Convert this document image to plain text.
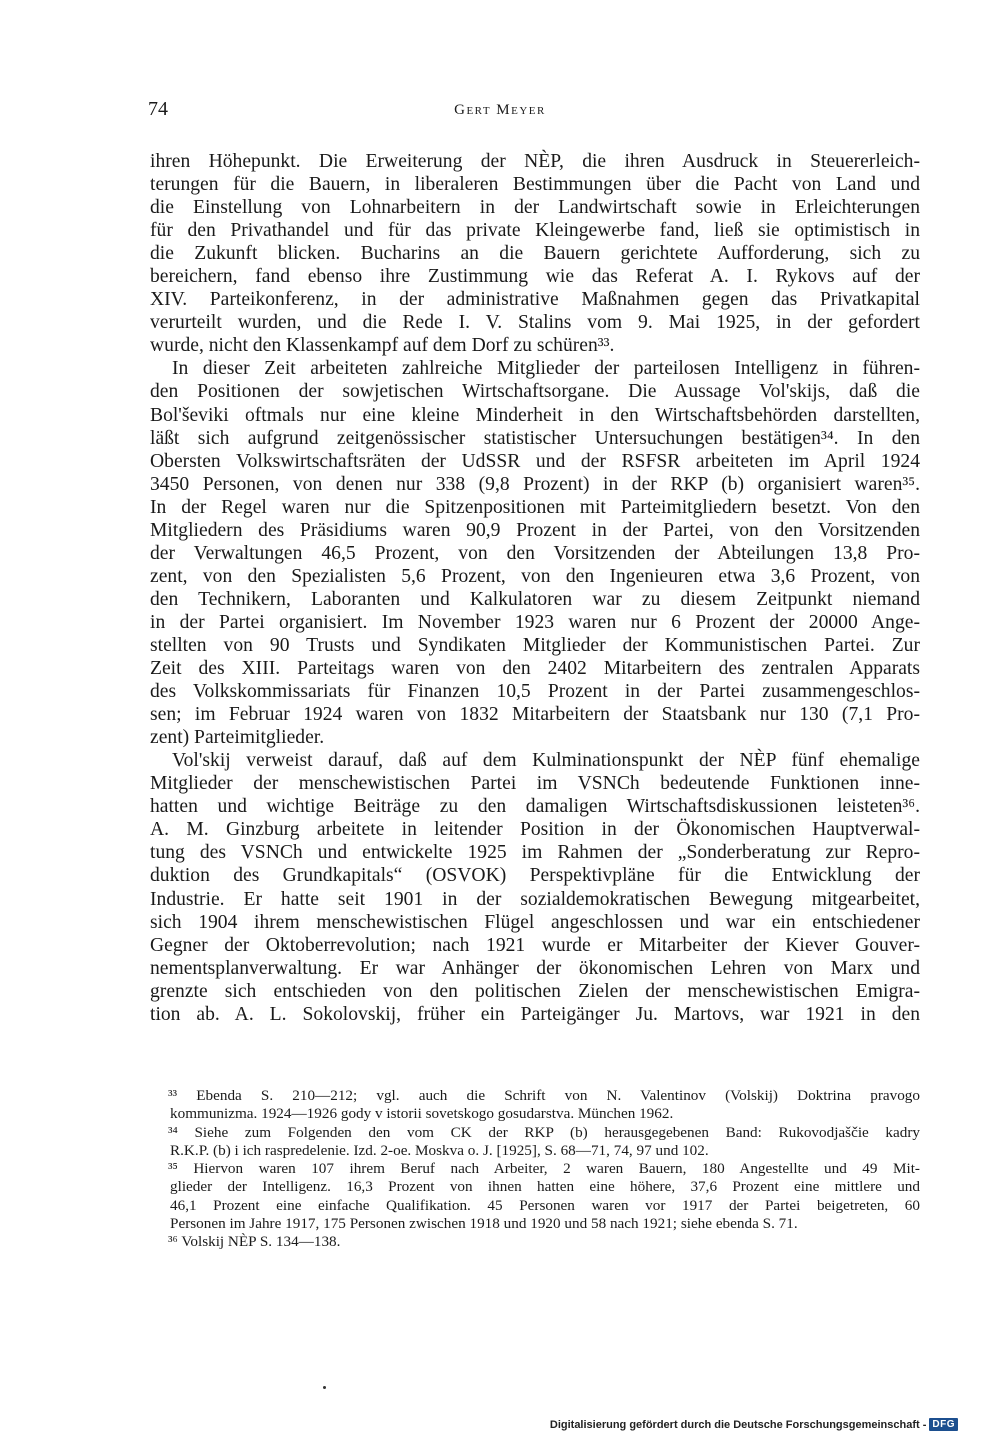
74	Gert Meyer
ihren Höhepunkt. Die Erweiterung der NÈP, die ihren Ausdruck in Steuererleich-
terungen für die Bauern, in liberaleren Bestimmungen über die Pacht von Land und
die Einstellung von Lohnarbeitern in der Landwirtschaft sowie in Erleichterungen
für den Privathandel und für das private Kleingewerbe fand, ließ sie optimistisch in
die Zukunft blicken. Bucharins an die Bauern gerichtete Aufforderung, sich zu
bereichern, fand ebenso ihre Zustimmung wie das Referat A. I. Rykovs auf der
XIV. Parteikonferenz, in der administrative Maßnahmen gegen das Privatkapital
verurteilt wurden, und die Rede I. V. Stalins vom 9. Mai 1925, in der gefordert
wurde, nicht den Klassenkampf auf dem Dorf zu schüren³³.
In dieser Zeit arbeiteten zahlreiche Mitglieder der parteilosen Intelligenz in führen-
den Positionen der sowjetischen Wirtschaftsorgane. Die Aussage Vol'skijs, daß die
Bol'ševiki oftmals nur eine kleine Minderheit in den Wirtschaftsbehörden darstellten,
läßt sich aufgrund zeitgenössischer statistischer Untersuchungen bestätigen³⁴. In den
Obersten Volkswirtschaftsräten der UdSSR und der RSFSR arbeiteten im April 1924
3450 Personen, von denen nur 338 (9,8 Prozent) in der RKP (b) organisiert waren³⁵.
In der Regel waren nur die Spitzenpositionen mit Parteimitgliedern besetzt. Von den
Mitgliedern des Präsidiums waren 90,9 Prozent in der Partei, von den Vorsitzenden
der Verwaltungen 46,5 Prozent, von den Vorsitzenden der Abteilungen 13,8 Pro-
zent, von den Spezialisten 5,6 Prozent, von den Ingenieuren etwa 3,6 Prozent, von
den Technikern, Laboranten und Kalkulatoren war zu diesem Zeitpunkt niemand
in der Partei organisiert. Im November 1923 waren nur 6 Prozent der 20000 Ange-
stellten von 90 Trusts und Syndikaten Mitglieder der Kommunistischen Partei. Zur
Zeit des XIII. Parteitags waren von den 2402 Mitarbeitern des zentralen Apparats
des Volkskommissariats für Finanzen 10,5 Prozent in der Partei zusammengeschlos-
sen; im Februar 1924 waren von 1832 Mitarbeitern der Staatsbank nur 130 (7,1 Pro-
zent) Parteimitglieder.
Vol'skij verweist darauf, daß auf dem Kulminationspunkt der NÈP fünf ehemalige
Mitglieder der menschewistischen Partei im VSNCh bedeutende Funktionen inne-
hatten und wichtige Beiträge zu den damaligen Wirtschaftsdiskussionen leisteten³⁶.
A. M. Ginzburg arbeitete in leitender Position in der Ökonomischen Hauptverwal-
tung des VSNCh und entwickelte 1925 im Rahmen der „Sonderberatung zur Repro-
duktion des Grundkapitals“ (OSVOK) Perspektivpläne für die Entwicklung der
Industrie. Er hatte seit 1901 in der sozialdemokratischen Bewegung mitgearbeitet,
sich 1904 ihrem menschewistischen Flügel angeschlossen und war ein entschiedener
Gegner der Oktoberrevolution; nach 1921 wurde er Mitarbeiter der Kiever Gouver-
nementsplanverwaltung. Er war Anhänger der ökonomischen Lehren von Marx und
grenzte sich entschieden von den politischen Zielen der menschewistischen Emigra-
tion ab. A. L. Sokolovskij, früher ein Parteigänger Ju. Martovs, war 1921 in den
³³ Ebenda S. 210—212; vgl. auch die Schrift von N. Valentinov (Volskij) Doktrina pravogo
kommunizma. 1924—1926 gody v istorii sovetskogo gosudarstva. München 1962.
³⁴ Siehe zum Folgenden den vom CK der RKP (b) herausgegebenen Band: Rukovodjaščie kadry
R.K.P. (b) i ich raspredelenie. Izd. 2-oe. Moskva o. J. [1925], S. 68—71, 74, 97 und 102.
³⁵ Hiervon waren 107 ihrem Beruf nach Arbeiter, 2 waren Bauern, 180 Angestellte und 49 Mit-
glieder der Intelligenz. 16,3 Prozent von ihnen hatten eine höhere, 37,6 Prozent eine mittlere und
46,1 Prozent eine einfache Qualifikation. 45 Personen waren vor 1917 der Partei beigetreten, 60
Personen im Jahre 1917, 175 Personen zwischen 1918 und 1920 und 58 nach 1921; siehe ebenda S. 71.
³⁶ Volskij NÈP S. 134—138.
Digitalisierung gefördert durch die Deutsche Forschungsgemeinschaft - DFG
